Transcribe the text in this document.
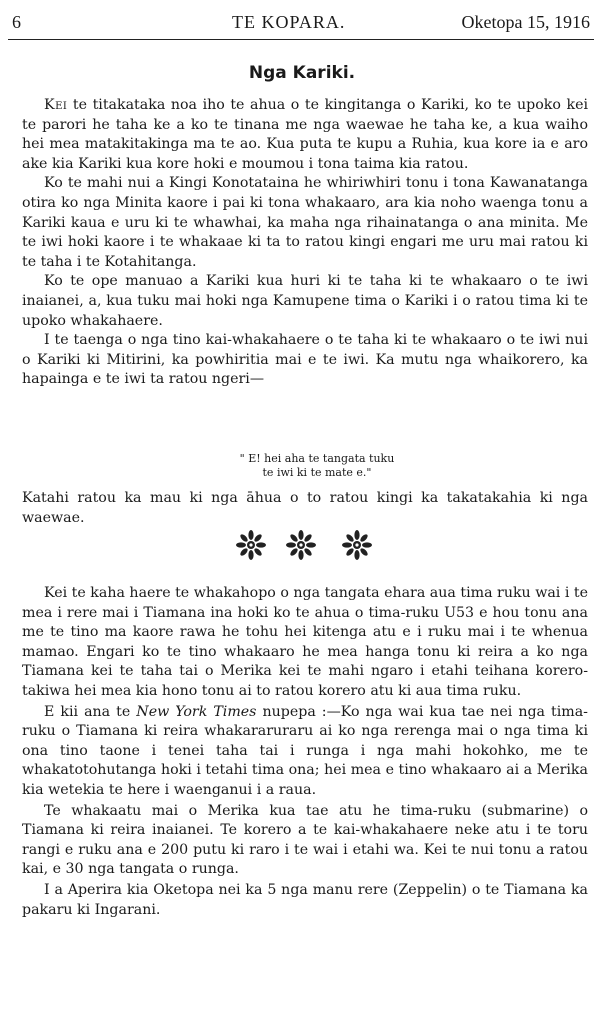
6	TE KOPARA.	Oketopa 15, 1916
Nga Kariki.

Kei te titakataka noa iho te ahua o te kingitanga o Kariki, ko te upoko kei te parori he taha ke a ko te tinana me nga waewae he taha ke, a kua waiho hei mea matakitakinga ma te ao. Kua puta te kupu a Ruhia, kua kore ia e aro ake kia Kariki kua kore hoki e moumou i tona taima kia ratou.

Ko te mahi nui a Kingi Konotataina he whiriwhiri tonu i tona Kawanatanga otira ko nga Minita kaore i pai ki tona whakaaro, ara kia noho waenga tonu a Kariki kaua e uru ki te whawhai, ka maha nga rihainatanga o ana minita. Me te iwi hoki kaore i te whakaae ki ta to ratou kingi engari me uru mai ratou ki te taha i te Kotahitanga.

Ko te ope manuao a Kariki kua huri ki te taha ki te whakaaro o te iwi inaianei, a, kua tuku mai hoki nga Kamupene tima o Kariki i o ratou tima ki te upoko whakahaere.

I te taenga o nga tino kai-whakahaere o te taha ki te whakaaro o te iwi nui o Kariki ki Mitirini, ka powhiritia mai e te iwi. Ka mutu nga whaikorero, ka hapainga e te iwi ta ratou ngeri—

" E! hei aha te tangata tuku
te iwi ki te mate e."

Katahi ratou ka mau ki nga āhua o to ratou kingi ka takatakahia ki nga waewae.

Kei te kaha haere te whakahopo o nga tangata ehara aua tima ruku wai i te mea i rere mai i Tiamana ina hoki ko te ahua o tima-ruku U53 e hou tonu ana me te tino ma kaore rawa he tohu hei kitenga atu e i ruku mai i te whenua mamao. Engari ko te tino whakaaro he mea hanga tonu ki reira a ko nga Tiamana kei te taha tai o Merika kei te mahi ngaro i etahi teihana korero-takiwa hei mea kia hono tonu ai to ratou korero atu ki aua tima ruku.

E kii ana te New York Times nupepa :—Ko nga wai kua tae nei nga tima-ruku o Tiamana ki reira whakararuraru ai ko nga rerenga mai o nga tima ki ona tino taone i tenei taha tai i runga i nga mahi hokohko, me te whakatotohutanga hoki i tetahi tima ona; hei mea e tino whakaaro ai a Merika kia wetekia te here i waenganui i a raua.

Te whakaatu mai o Merika kua tae atu he tima-ruku (submarine) o Tiamana ki reira inaianei. Te korero a te kai-whakahaere neke atu i te toru rangi e ruku ana e 200 putu ki raro i te wai i etahi wa. Kei te nui tonu a ratou kai, e 30 nga tangata o runga.

I a Aperira kia Oketopa nei ka 5 nga manu rere (Zeppelin) o te Tiamana ka pakaru ki Ingarani.
